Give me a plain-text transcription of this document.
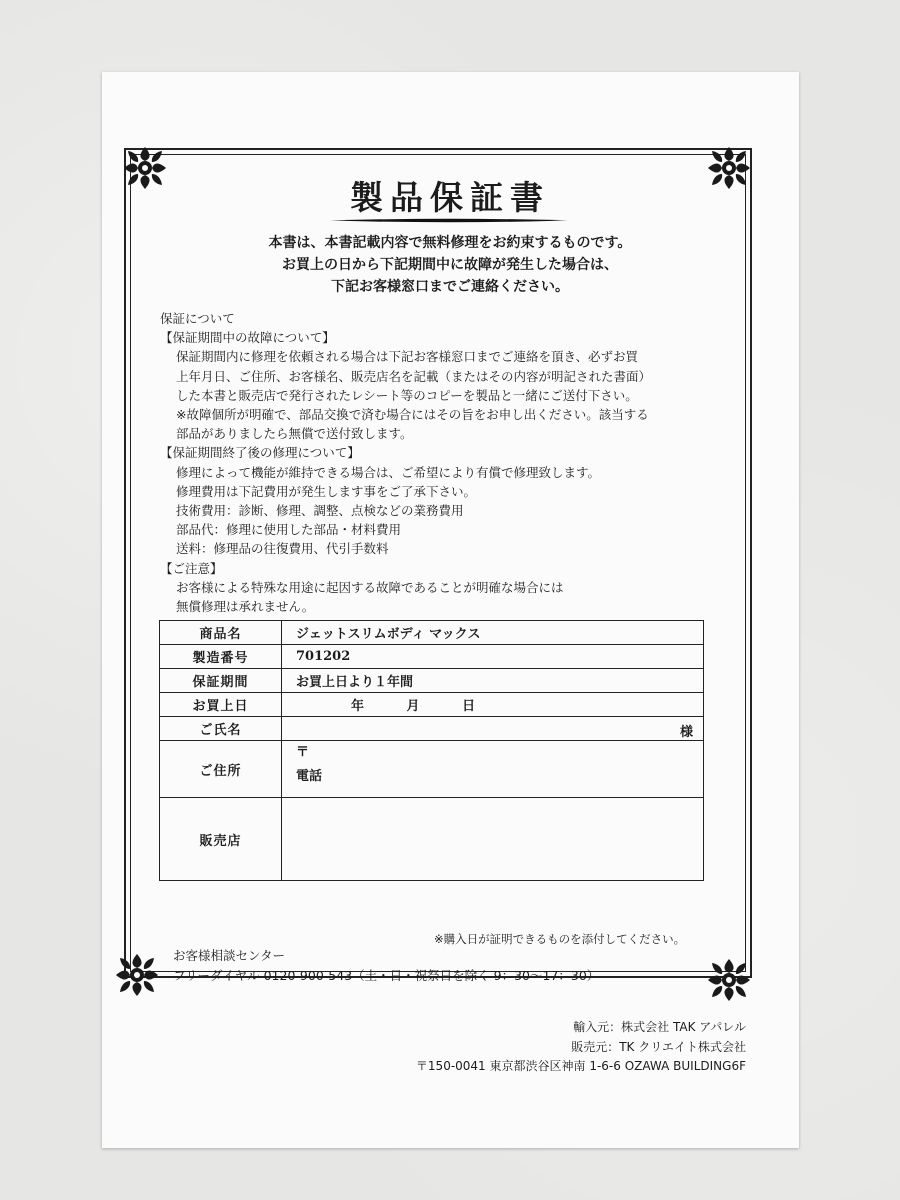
製品保証書
本書は、本書記載内容で無料修理をお約束するものです。
お買上の日から下記期間中に故障が発生した場合は、
下記お客様窓口までご連絡ください。

保証について

【保証期間中の故障について】

保証期間内に修理を依頼される場合は下記お客様窓口までご連絡を頂き、必ずお買

上年月日、ご住所、お客様名、販売店名を記載（またはその内容が明記された書面）

した本書と販売店で発行されたレシート等のコピーを製品と一緒にご送付下さい。

※故障個所が明確で、部品交換で済む場合にはその旨をお申し出ください。該当する

部品がありましたら無償で送付致します。

【保証期間終了後の修理について】

修理によって機能が維持できる場合は、ご希望により有償で修理致します。

修理費用は下記費用が発生します事をご了承下さい。

技術費用：診断、修理、調整、点検などの業務費用

部品代：修理に使用した部品・材料費用

送料：修理品の往復費用、代引手数料

【ご注意】

お客様による特殊な用途に起因する故障であることが明確な場合には

無償修理は承れません。

商品名	ジェットスリムボディ マックス
製造番号	701202
保証期間	お買上日より１年間
お買上日	年 月 日
ご氏名	様

ご住所	〒
電話

販売店	
※購入日が証明できるものを添付してください。
お客様相談センター
フリーダイヤル 0120-900-543（土・日・祝祭日を除く 9：30〜17：30）
輸入元：株式会社 TAK アパレル
販売元：TK クリエイト株式会社
〒150-0041 東京都渋谷区神南 1-6-6 OZAWA BUILDING6F
